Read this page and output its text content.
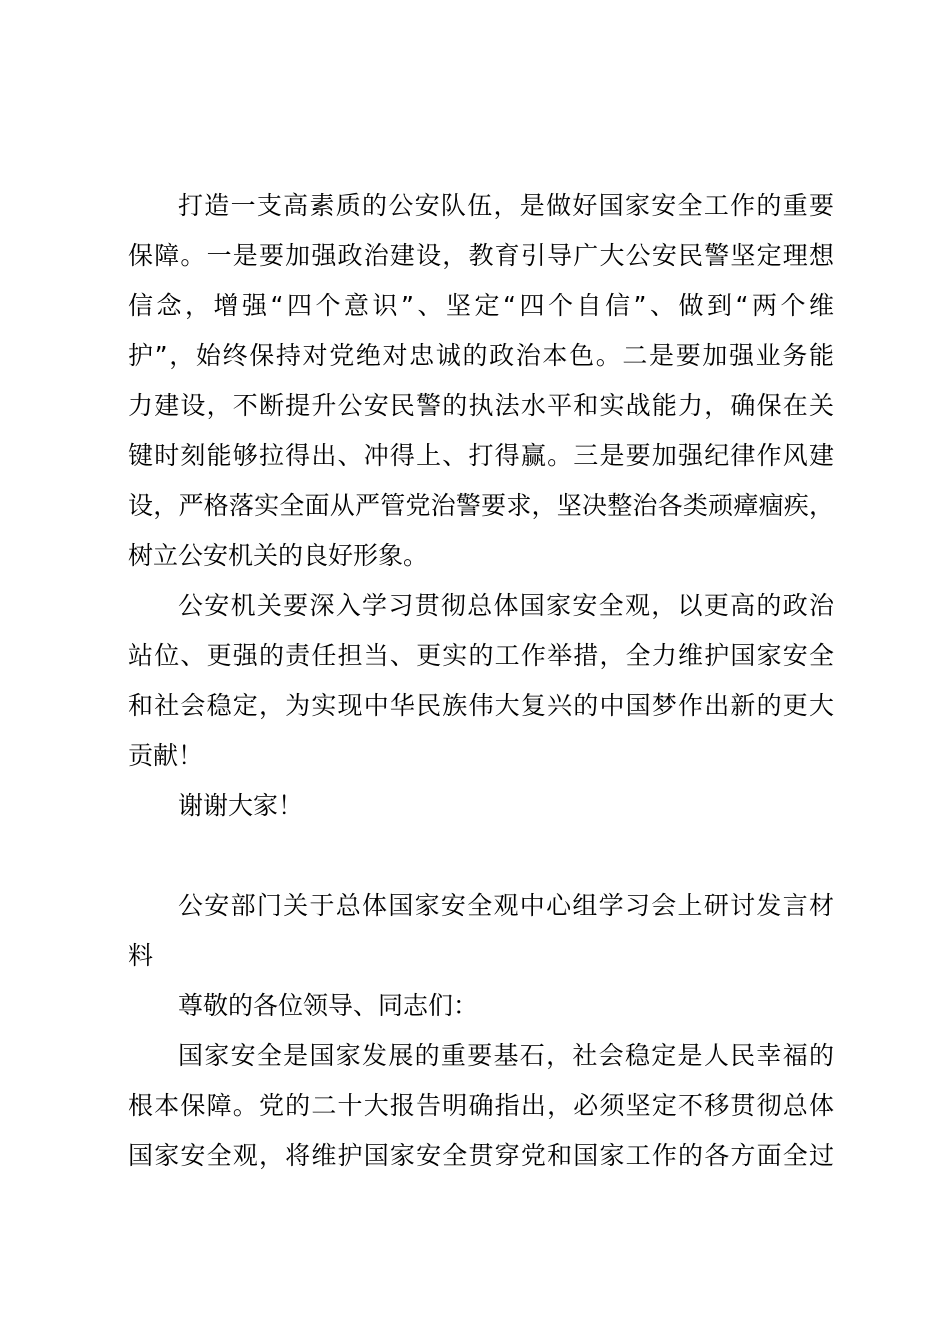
打造一支高素质的公安队伍，是做好国家安全工作的重要
保障。一是要加强政治建设，教育引导广大公安民警坚定理想
信念，增强“四个意识”、坚定“四个自信”、做到“两个维
护”，始终保持对党绝对忠诚的政治本色。二是要加强业务能
力建设，不断提升公安民警的执法水平和实战能力，确保在关
键时刻能够拉得出、冲得上、打得赢。三是要加强纪律作风建
设，严格落实全面从严管党治警要求，坚决整治各类顽瘴痼疾，
树立公安机关的良好形象。
公安机关要深入学习贯彻总体国家安全观，以更高的政治
站位、更强的责任担当、更实的工作举措，全力维护国家安全
和社会稳定，为实现中华民族伟大复兴的中国梦作出新的更大
贡献！
谢谢大家！
公安部门关于总体国家安全观中心组学习会上研讨发言材
料
尊敬的各位领导、同志们：
国家安全是国家发展的重要基石，社会稳定是人民幸福的
根本保障。党的二十大报告明确指出，必须坚定不移贯彻总体
国家安全观，将维护国家安全贯穿党和国家工作的各方面全过
